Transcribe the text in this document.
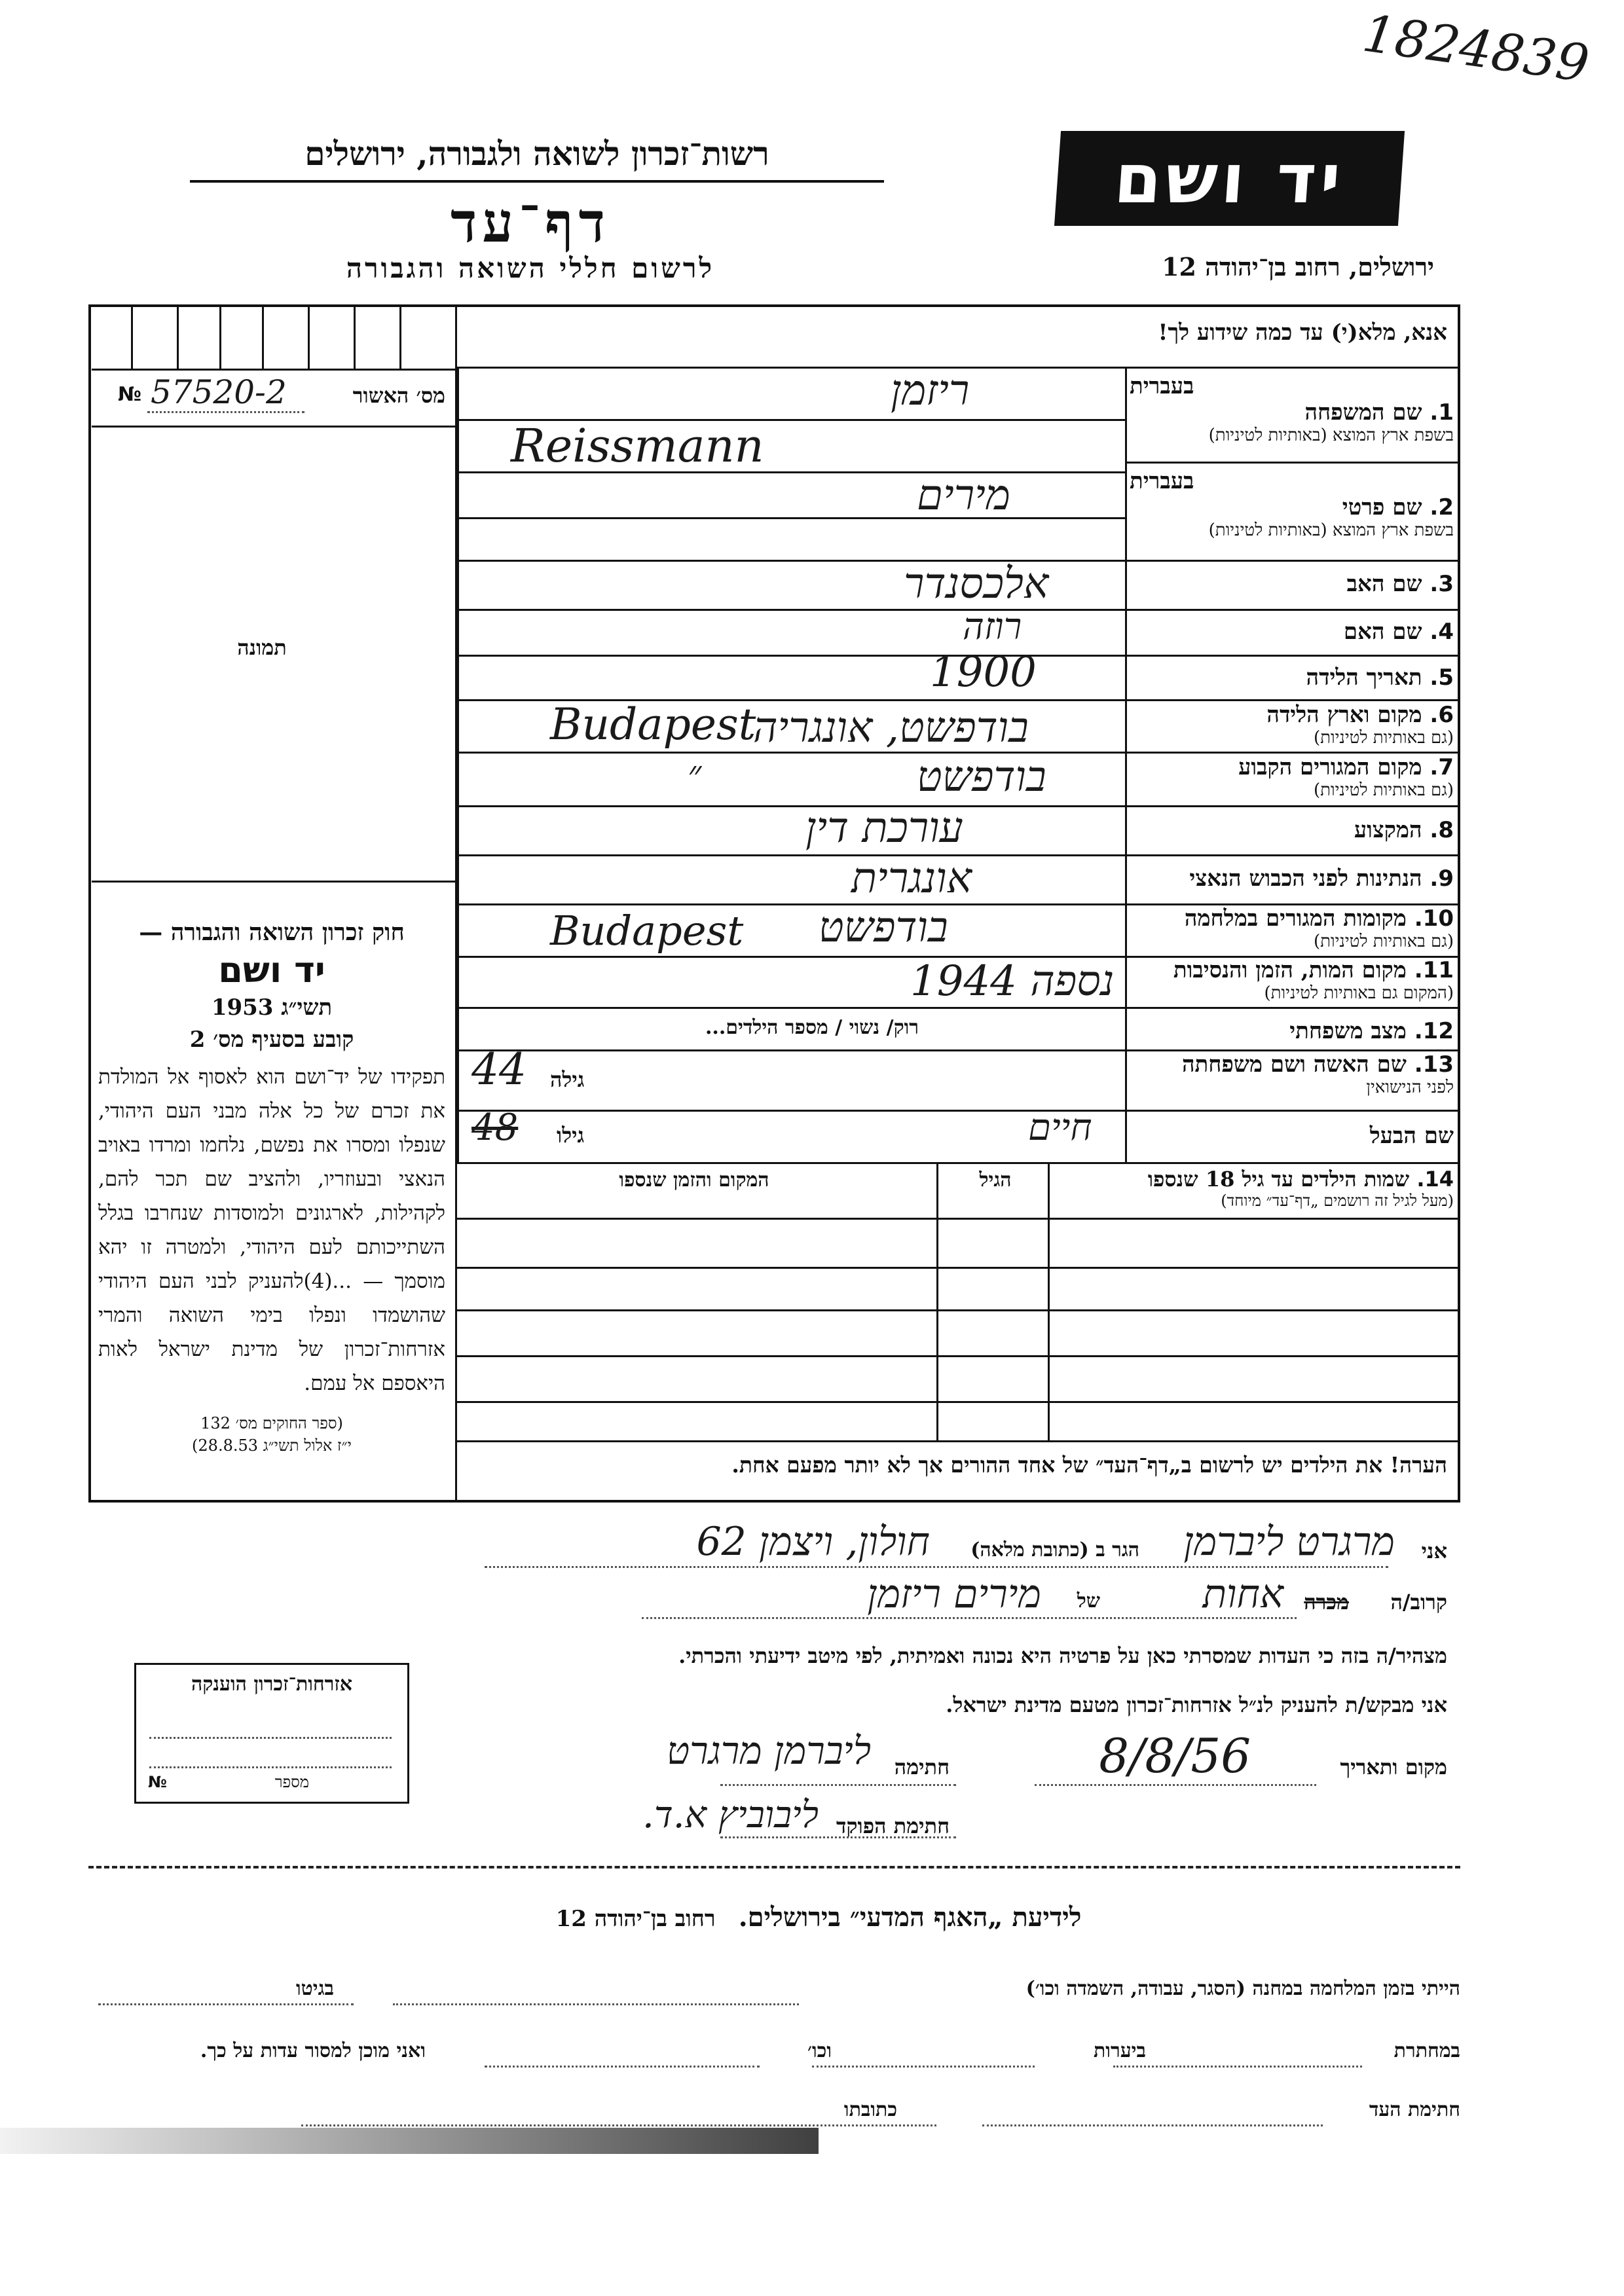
1824839
רשות־זכרון לשואה ולגבורה, ירושלים
דף־עד
לרשום חללי השואה והגבורה
יד ושם
ירושלים, רחוב בן־יהודה 12
מס׳ האשור
№ 57520-2
תמונה
חוק זכרון השואה והגבורה —
יד ושם
תשי״ג 1953
קובע בסעיף מס׳ 2
תפקידו של יד־ושם הוא לאסוף אל המולדת את זכרם של כל אלה מבני העם היהודי, שנפלו ומסרו את נפשם, נלחמו ומרדו באויב הנאצי ובעוזריו, ולהציב שם תכר להם, לקהילות, לארגונים ולמוסדות שנחרבו בגלל השתייכותם לעם היהודי, ולמטרה זו יהא מוסמך — ...(4)להעניק לבני העם היהודי שהושמדו ונפלו בימי השואה והמרי אזרחות־זכרון של מדינת ישראל לאות היאספם אל עמם.
(ספר החוקים מס׳ 132
י״ז אלול תשי״ג 28.8.53)
אנא, מלא(י) עד כמה שידוע לך!
בעברית
1. שם המשפחה
בשפת ארץ המוצא (באותיות לטיניות)
בעברית
2. שם פרטי
בשפת ארץ המוצא (באותיות לטיניות)
3. שם האב
4. שם האם
5. תאריך הלידה
6. מקום וארץ הלידה
(גם באותיות לטיניות)
7. מקום המגורים הקבוע
(גם באותיות לטיניות)
8. המקצוע
9. הנתינות לפני הכבוש הנאצי
10. מקומות המגורים במלחמה
(גם באותיות לטיניות)
11. מקום המות, הזמן והנסיבות
(המקום גם באותיות לטיניות)
12. מצב משפחתי
13. שם האשה ושם משפחתה
לפני הנישואין
שם הבעל
ריזמן
Reissmann
מירים
אלכסנדר
רוזה
1900
בודפשט, אונגריה
Budapest
בודפשט
״
עורכת דין
אונגרית
בודפשט
Budapest
נספה 1944
רוק/ נשוי / מספר הילדים...
גילה
44
גילו
48	חיים
14. שמות הילדים עד גיל 18 שנספו
(מעל לגיל זה רושמים „דף־עד״ מיוחד)
הגיל
המקום והזמן שנספו
הערה! את הילדים יש לרשום ב„דף־העד״ של אחד ההורים אך לא יותר מפעם אחת.
אני
מרגרט ליברמן
הגר ב (כתובת מלאה)
חולון, ויצמן 62
קרוב/ה
מכרה
אחות
של
מירים ריזמן
מצהיר/ה בזה כי העדות שמסרתי כאן על פרטיה היא נכונה ואמיתית, לפי מיטב ידיעתי והכרתי.
אני מבקש/ת להעניק לנ״ל אזרחות־זכרון מטעם מדינת ישראל.
מקום ותאריך
8/8/56
חתימה
ליברמן מרגרט
חתימת הפוקד
ליבוביץ א.ד.
אזרחות־זכרון הוענקה
מספר
№
לידיעת „האגף המדעי״ בירושלים. רחוב בן־יהודה 12
הייתי בזמן המלחמה במחנה (הסגר, עבודה, השמדה וכו׳)
בגיטו
במחתרת
ביערות
וכו׳
ואני מוכן למסור עדות על כך.
חתימת העד
כתובתו
